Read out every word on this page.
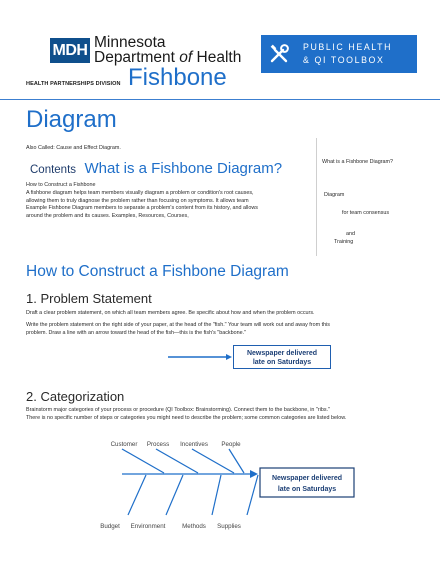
MDH Minnesota
Department of Health
HEALTH PARTNERSHIPS DIVISION Fishbone
PUBLIC HEALTH
& QI TOOLBOX
Diagram
Also Called: Cause and Effect Diagram.
Contents What is a Fishbone Diagram?
How to Construct a Fishbone
A fishbone diagram helps team members visually diagram a problem or condition's root causes,
allowing them to truly diagnose the problem rather than focusing on symptoms. It allows team
Example Fishbone Diagram members to separate a problem's content from its history, and allows
around the problem and its causes. Examples, Resources, Courses,
What is a Fishbone Diagram?
Diagram
for team consensus
and
Training
How to Construct a Fishbone Diagram
1. Problem Statement
Draft a clear problem statement, on which all team members agree. Be specific about how and when the problem occurs.
Write the problem statement on the right side of your paper, at the head of the "fish." Your team will work out and away from this
problem. Draw a line with an arrow toward the head of the fish—this is the fish's "backbone."
Newspaper delivered
late on Saturdays
2. Categorization
Brainstorm major categories of your process or procedure (QI Toolbox: Brainstorming). Connect them to the backbone, in "ribs."
There is no specific number of steps or categories you might need to describe the problem; some common categories are listed below.
Customer Process Incentives People
Budget Environment	Methods Supplies
Newspaper delivered
late on Saturdays
